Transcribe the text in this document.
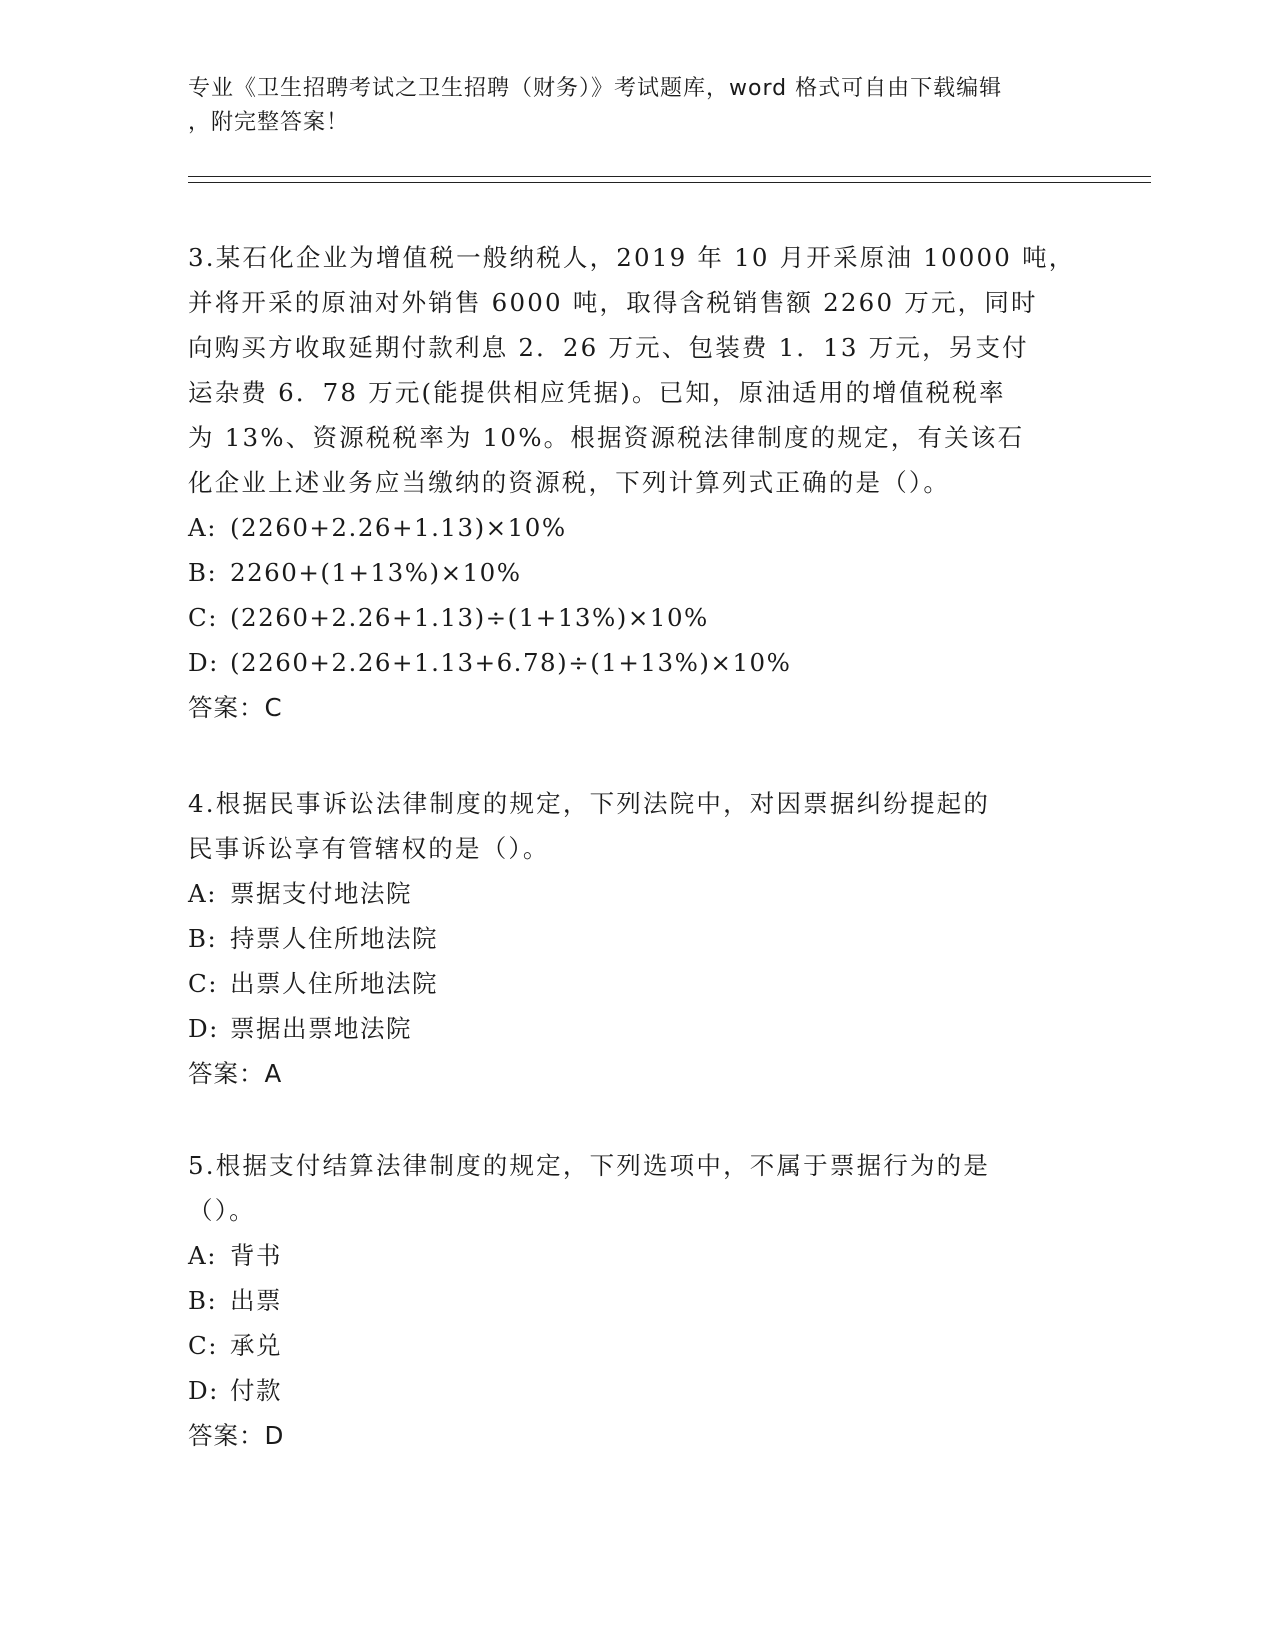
专业《卫生招聘考试之卫生招聘（财务）》考试题库，word 格式可自由下载编辑
，附完整答案！

3.某石化企业为增值税一般纳税人，2019 年 10 月开采原油 10000 吨，

并将开采的原油对外销售 6000 吨，取得含税销售额 2260 万元，同时

向购买方收取延期付款利息 2．26 万元、包装费 1．13 万元，另支付

运杂费 6．78 万元(能提供相应凭据)。已知，原油适用的增值税税率

为 13%、资源税税率为 10%。根据资源税法律制度的规定，有关该石

化企业上述业务应当缴纳的资源税，下列计算列式正确的是（）。

A: (2260+2.26+1.13)×10%

B: 2260+(1+13%)×10%

C: (2260+2.26+1.13)÷(1+13%)×10%

D: (2260+2.26+1.13+6.78)÷(1+13%)×10%

答案：C

4.根据民事诉讼法律制度的规定，下列法院中，对因票据纠纷提起的

民事诉讼享有管辖权的是（）。

A: 票据支付地法院

B: 持票人住所地法院

C: 出票人住所地法院

D: 票据出票地法院

答案：A

5.根据支付结算法律制度的规定，下列选项中，不属于票据行为的是

（）。

A: 背书

B: 出票

C: 承兑

D: 付款

答案：D
